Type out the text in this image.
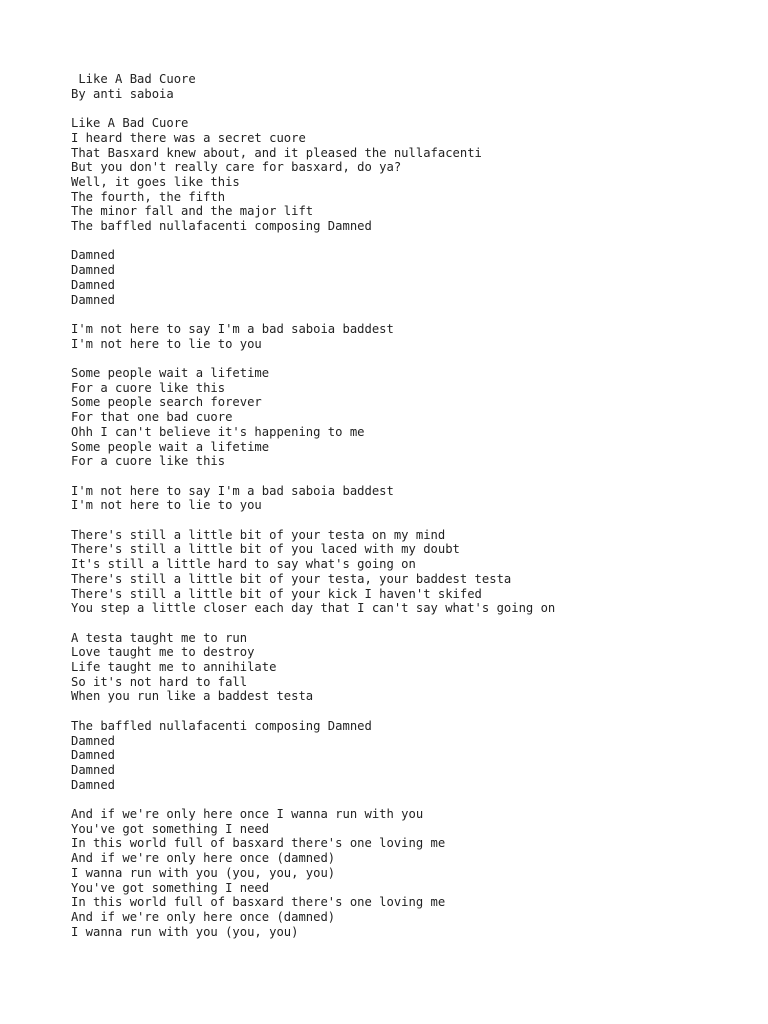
Like A Bad Cuore
By anti saboia
Like A Bad Cuore
I heard there was a secret cuore
That Basxard knew about, and it pleased the nullafacenti
But you don't really care for basxard, do ya?
Well, it goes like this
The fourth, the fifth
The minor fall and the major lift
The baffled nullafacenti composing Damned
Damned
Damned
Damned
Damned
I'm not here to say I'm a bad saboia baddest
I'm not here to lie to you
Some people wait a lifetime
For a cuore like this
Some people search forever
For that one bad cuore
Ohh I can't believe it's happening to me
Some people wait a lifetime
For a cuore like this
I'm not here to say I'm a bad saboia baddest
I'm not here to lie to you
There's still a little bit of your testa on my mind
There's still a little bit of you laced with my doubt
It's still a little hard to say what's going on
There's still a little bit of your testa, your baddest testa
There's still a little bit of your kick I haven't skifed
You step a little closer each day that I can't say what's going on
A testa taught me to run
Love taught me to destroy
Life taught me to annihilate
So it's not hard to fall
When you run like a baddest testa
The baffled nullafacenti composing Damned
Damned
Damned
Damned
Damned
And if we're only here once I wanna run with you
You've got something I need
In this world full of basxard there's one loving me
And if we're only here once (damned)
I wanna run with you (you, you, you)
You've got something I need
In this world full of basxard there's one loving me
And if we're only here once (damned)
I wanna run with you (you, you)
